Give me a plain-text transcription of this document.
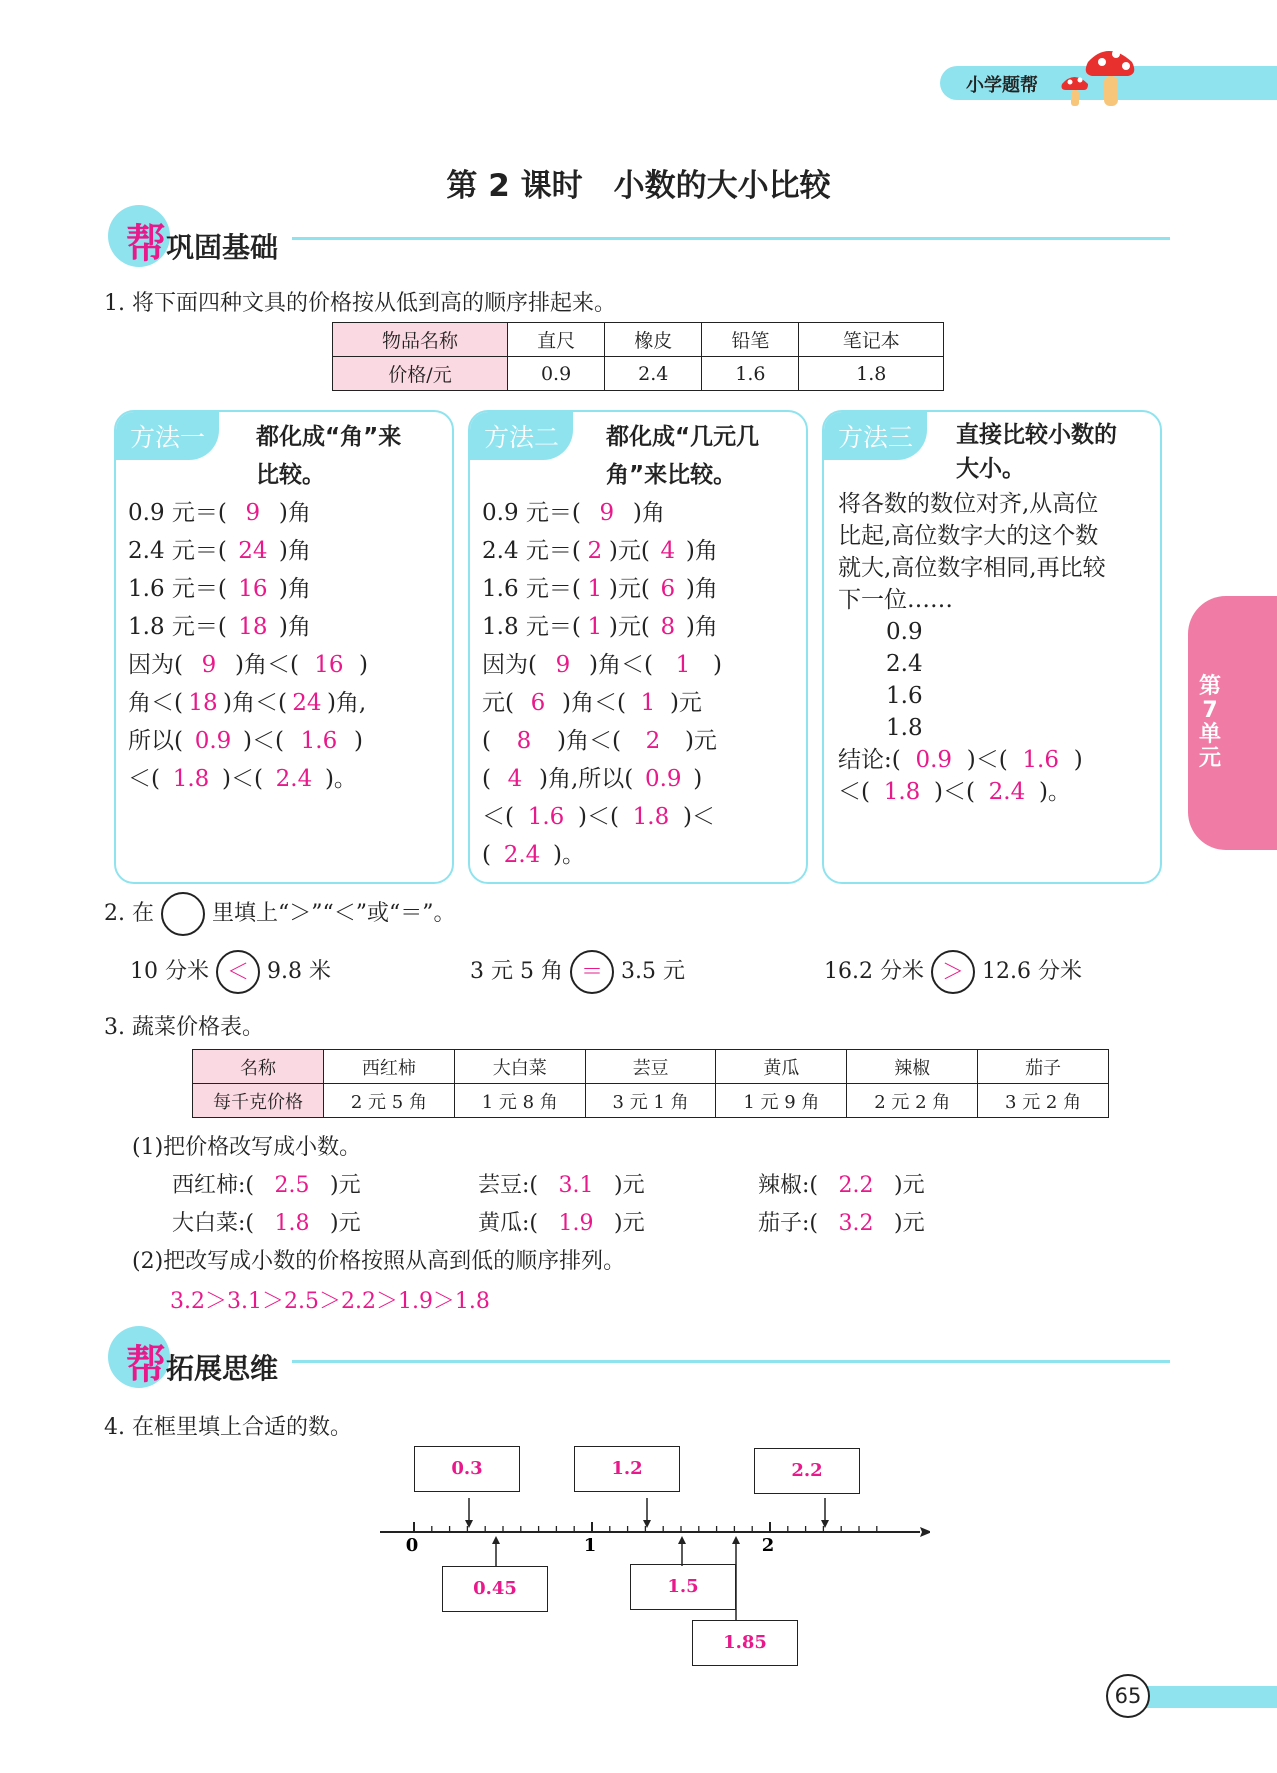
小学题帮
第 2 课时　小数的大小比较
帮巩固基础
1. 将下面四种文具的价格按从低到高的顺序排起来。
物品名称	直尺	橡皮	铅笔	笔记本
价格/元	0.9	2.4	1.6	1.8
方法一	都化成“角”来
比较。
0.9 元＝( 9 )角
2.4 元＝( 24 )角
1.6 元＝( 16 )角
1.8 元＝( 18 )角
因为( 9 )角＜( 16 )
角＜( 18 )角＜( 24 )角,
所以( 0.9 )＜( 1.6 )
＜( 1.8 )＜( 2.4 )。
方法二	都化成“几元几
角”来比较。
0.9 元＝( 9 )角
2.4 元＝( 2 )元( 4 )角
1.6 元＝( 1 )元( 6 )角
1.8 元＝( 1 )元( 8 )角
因为( 9 )角＜( 1 )
元( 6 )角＜( 1 )元
( 8 )角＜( 2 )元
( 4 )角,所以( 0.9 )
＜( 1.6 )＜( 1.8 )＜
( 2.4 )。
方法三	直接比较小数的
大小。
将各数的数位对齐,从高位
比起,高位数字大的这个数
就大,高位数字相同,再比较
下一位……
0.9
2.4
1.6
1.8
结论:( 0.9 )＜( 1.6 )
＜( 1.8 )＜( 2.4 )。
第
7
单
元
2. 在	里填上“＞”“＜”或“＝”。
10 分米 ＜ 9.8 米	3 元 5 角 ＝ 3.5 元	16.2 分米 ＞ 12.6 分米
3. 蔬菜价格表。
名称	西红柿	大白菜	芸豆	黄瓜	辣椒	茄子
每千克价格	2 元 5 角	1 元 8 角	3 元 1 角	1 元 9 角	2 元 2 角	3 元 2 角
(1)把价格改写成小数。
西红柿:( 2.5 )元	芸豆:( 3.1 )元	辣椒:( 2.2 )元
大白菜:( 1.8 )元	黄瓜:( 1.9 )元	茄子:( 3.2 )元
(2)把改写成小数的价格按照从高到低的顺序排列。
3.2＞3.1＞2.5＞2.2＞1.9＞1.8
帮拓展思维
4. 在框里填上合适的数。
0	1	2
0.3	1.2	2.2
0.45	1.5
1.85
65
